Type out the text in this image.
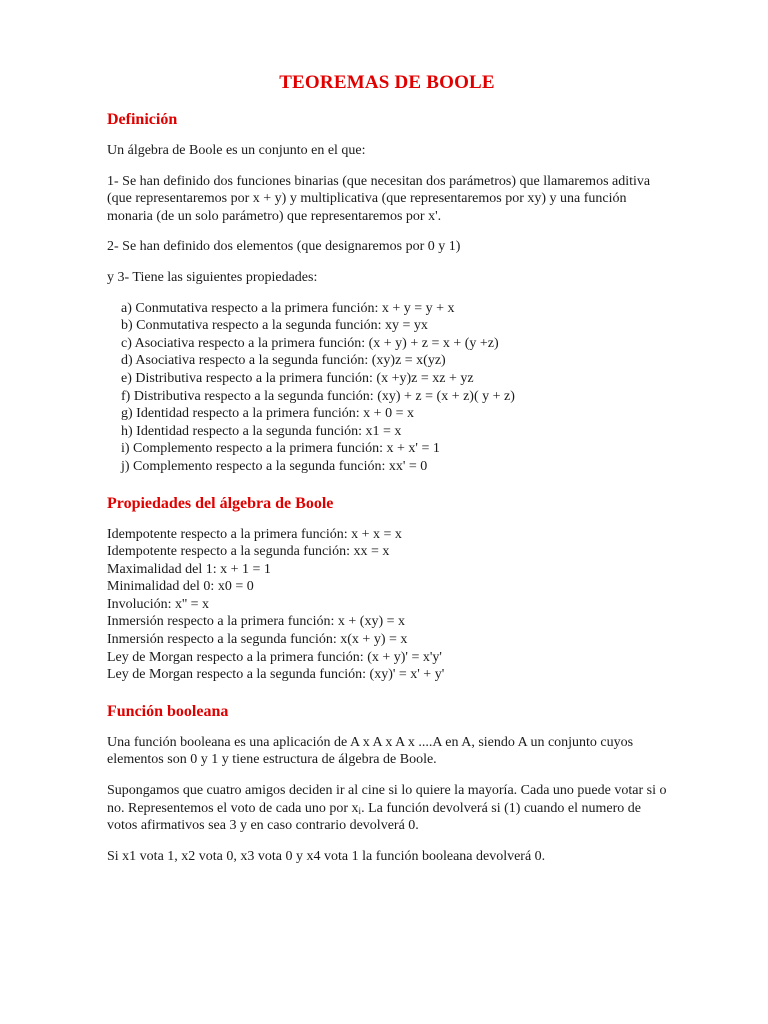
TEOREMAS DE BOOLE
Definición

Un álgebra de Boole es un conjunto en el que:

1- Se han definido dos funciones binarias (que necesitan dos parámetros) que llamaremos aditiva (que representaremos por x + y) y multiplicativa (que representaremos por xy) y una función monaria (de un solo parámetro) que representaremos por x'.

2- Se han definido dos elementos (que designaremos por 0 y 1)

y 3- Tiene las siguientes propiedades:

a) Conmutativa respecto a la primera función: x + y = y + x
b) Conmutativa respecto a la segunda función: xy = yx
c) Asociativa respecto a la primera función: (x + y) + z = x + (y +z)
d) Asociativa respecto a la segunda función: (xy)z = x(yz)
e) Distributiva respecto a la primera función: (x +y)z = xz + yz
f) Distributiva respecto a la segunda función: (xy) + z = (x + z)( y + z)
g) Identidad respecto a la primera función: x + 0 = x
h) Identidad respecto a la segunda función: x1 = x
i) Complemento respecto a la primera función: x + x' = 1
j) Complemento respecto a la segunda función: xx' = 0
Propiedades del álgebra de Boole
Idempotente respecto a la primera función: x + x = x
Idempotente respecto a la segunda función: xx = x
Maximalidad del 1: x + 1 = 1
Minimalidad del 0: x0 = 0
Involución: x'' = x
Inmersión respecto a la primera función: x + (xy) = x
Inmersión respecto a la segunda función: x(x + y) = x
Ley de Morgan respecto a la primera función: (x + y)' = x'y'
Ley de Morgan respecto a la segunda función: (xy)' = x' + y'
Función booleana

Una función booleana es una aplicación de A x A x A x ....A en A, siendo A un conjunto cuyos elementos son 0 y 1 y tiene estructura de álgebra de Boole.

Supongamos que cuatro amigos deciden ir al cine si lo quiere la mayoría. Cada uno puede votar si o no. Representemos el voto de cada uno por $x_i$. La función devolverá si (1) cuando el numero de votos afirmativos sea 3 y en caso contrario devolverá 0.

Si x1 vota 1, x2 vota 0, x3 vota 0 y x4 vota 1 la función booleana devolverá 0.
